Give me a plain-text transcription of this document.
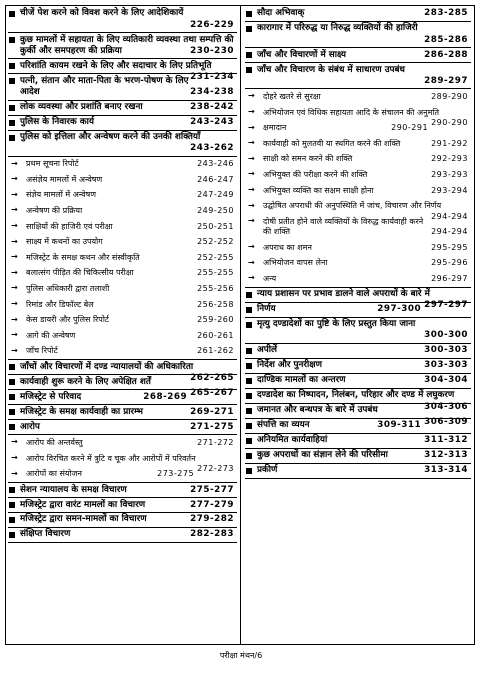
चीजें पेश करने को विवश करने के लिए आदेशिकायें
226-229
कुछ मामलों में सहायता के लिए व्यतिकारी व्यवस्था तथा सम्पत्ति की कुर्की और समपहरण की प्रक्रिया	230-230
परिशांति कायम रखने के लिए और सदाचार के लिए प्रतिभूति
231-234
पत्नी, संतान और माता-पिता के भरण-पोषण के लिए आदेश	234-238
लोक व्यवस्था और प्रशांति बनाए रखना	238-242
पुलिस के निवारक कार्य	243-243
पुलिस को इत्तिला और अन्वेषण करने की उनकी शक्तियाँ
243-262
→ प्रथम सूचना रिपोर्ट	243-246
→ असंज्ञेय मामलों में अन्वेषण	246-247
→ संज्ञेय मामलों में अन्वेषण	247-249
→ अन्वेषण की प्रक्रिया	249-250
→ साक्षियों की हाजिरी एवं परीक्षा	250-251
→ साक्ष्य में कथनों का उपयोग	252-252
→ मजिस्ट्रेट के समक्ष कथन और संस्वीकृति	252-255
→ बलात्संग पीड़ित की चिकित्सीय परीक्षा	255-255
→ पुलिस अधिकारी द्वारा तलाशी	255-256
→ रिमांड और डिफॉल्ट बेल	256-258
→ केस डायरी और पुलिस रिपोर्ट	259-260
→ आगे की अन्वेषण	260-261
→ जाँच रिपोर्ट	261-262
जाँचों और विचारणों में दण्ड न्यायालयों की अधिकारिता
262-265
कार्यवाही शुरू करने के लिए अपेक्षित शर्तें
265-267
मजिस्ट्रेट से परिवाद	268-269
मजिस्ट्रेट के समक्ष कार्यवाही का प्रारम्भ	269-271
आरोप	271-275
→ आरोप की अन्तर्वस्तु	271-272
→ आरोप विरचित करने में त्रुटि व चूक और आरोपों में परिवर्तन
272-273
→ आरोपों का संयोजन	273-275
सेशन न्यायालय के समक्ष विचारण	275-277
मजिस्ट्रेट द्वारा वारंट मामलों का विचारण	277-279
मजिस्ट्रेट द्वारा समन-मामलों का विचारण	279-282
संक्षिप्त विचारण	282-283
सौदा अभिवाक्	283-285
कारागार में परिरुद्ध या निरुद्ध व्यक्तियों की हाजिरी
285-286
जाँच और विचारणों में साक्ष्य	286-288
जाँच और विचारण के संबंध में साधारण उपबंध
289-297
→ दोहरे खतरे से सुरक्षा	289-290
→ अभियोजन एवं विधिक सहायता आदि के संचालन की अनुमति
290-290
→ क्षमादान	290-291
→ कार्यवाही को मुलतवी या स्थगित करने की शक्ति	291-292
→ साक्षी को समन करने की शक्ति	292-293
→ अभियुक्त की परीक्षा करने की शक्ति	293-293
→ अभियुक्त व्यक्ति का सक्षम साक्षी होना	293-294
→ उद्घोषित अपराधी की अनुपस्थिति में जांच, विचारण और निर्णय
294-294
→ दोषी प्रतीत होने वाले व्यक्तियों के विरुद्ध कार्यवाही करने की शक्ति	294-294
→ अपराध का शमन	295-295
→ अभियोजन वापस लेना	295-296
→ अन्य	296-297
न्याय प्रशासन पर प्रभाव डालने वाले अपराधों के बारे में
297-297
निर्णय	297-300
मृत्यु दण्डादेशों का पुष्टि के लिए प्रस्तुत किया जाना
300-300
अपीलें	300-303
निर्देश और पुनरीक्षण	303-303
दाण्डिक मामलों का अन्तरण	304-304
दण्डादेश का निष्पादन, निलंबन, परिहार और दण्ड में लघुकरण
304-306
जमानत और बन्धपत्र के बारे में उपबंध
306-309
संपत्ति का व्ययन	309-311
अनियमित कार्यवाहियां	311-312
कुछ अपराधों का संज्ञान लेने की परिसीमा	312-313
प्रकीर्ण	313-314
परीक्षा मंथन/6
